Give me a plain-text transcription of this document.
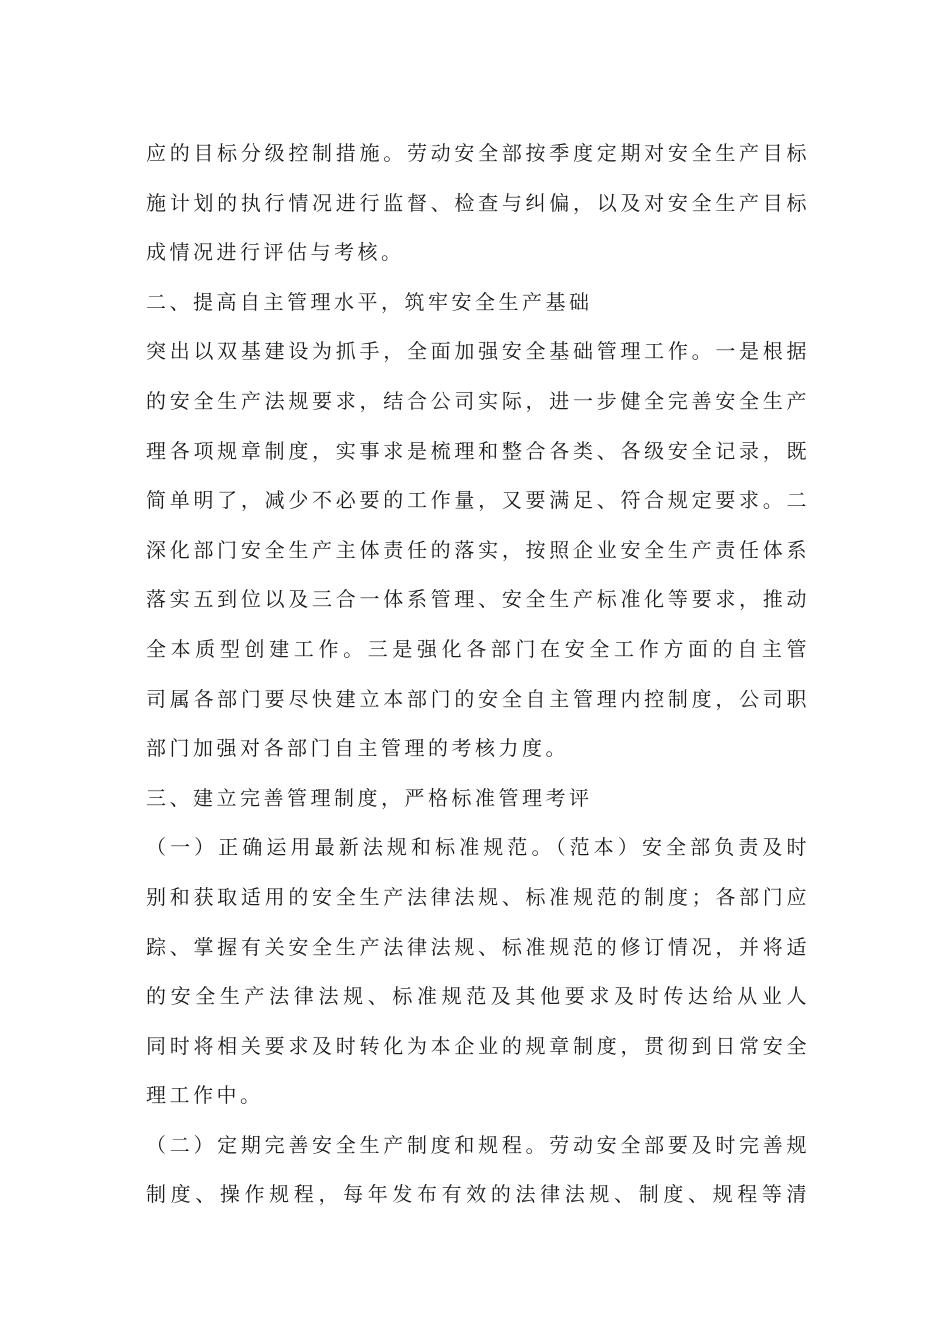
应的目标分级控制措施。劳动安全部按季度定期对安全生产目标
施计划的执行情况进行监督、检查与纠偏，以及对安全生产目标
成情况进行评估与考核。
二、提高自主管理水平，筑牢安全生产基础
突出以双基建设为抓手，全面加强安全基础管理工作。一是根据
的安全生产法规要求，结合公司实际，进一步健全完善安全生产
理各项规章制度，实事求是梳理和整合各类、各级安全记录，既
简单明了，减少不必要的工作量，又要满足、符合规定要求。二
深化部门安全生产主体责任的落实，按照企业安全生产责任体系
落实五到位以及三合一体系管理、安全生产标准化等要求，推动
全本质型创建工作。三是强化各部门在安全工作方面的自主管
司属各部门要尽快建立本部门的安全自主管理内控制度，公司职
部门加强对各部门自主管理的考核力度。
三、建立完善管理制度，严格标准管理考评
（一）正确运用最新法规和标准规范。（范本）安全部负责及时
别和获取适用的安全生产法律法规、标准规范的制度；各部门应
踪、掌握有关安全生产法律法规、标准规范的修订情况，并将适
的安全生产法律法规、标准规范及其他要求及时传达给从业人
同时将相关要求及时转化为本企业的规章制度，贯彻到日常安全
理工作中。
（二）定期完善安全生产制度和规程。劳动安全部要及时完善规
制度、操作规程，每年发布有效的法律法规、制度、规程等清
